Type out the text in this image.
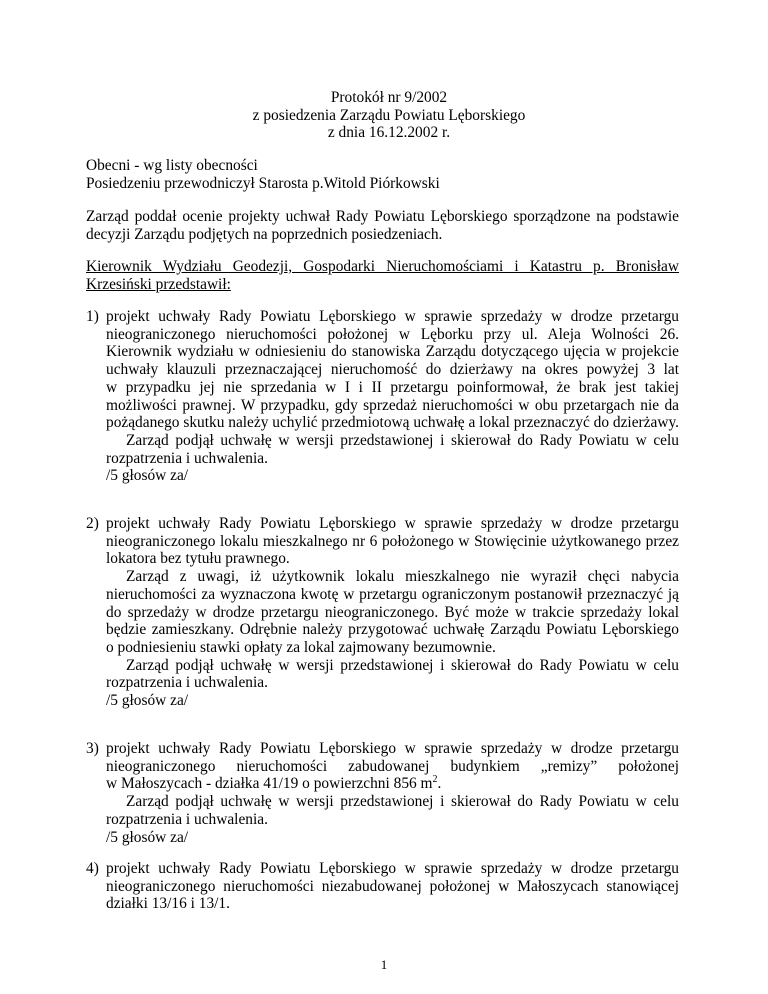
Protokół nr 9/2002
z posiedzenia Zarządu Powiatu Lęborskiego
z dnia 16.12.2002 r.
Obecni - wg listy obecności
Posiedzeniu przewodniczył Starosta p.Witold Piórkowski
Zarząd poddał ocenie projekty uchwał Rady Powiatu Lęborskiego sporządzone na podstawie
decyzji Zarządu podjętych na poprzednich posiedzeniach.
Kierownik Wydziału Geodezji, Gospodarki Nieruchomościami i Katastru p. Bronisław
Krzesiński przedstawił:
1) projekt uchwały Rady Powiatu Lęborskiego w sprawie sprzedaży w drodze przetargu
nieograniczonego nieruchomości położonej w Lęborku przy ul. Aleja Wolności 26.
Kierownik wydziału w odniesieniu do stanowiska Zarządu dotyczącego ujęcia w projekcie
uchwały klauzuli przeznaczającej nieruchomość do dzierżawy na okres powyżej 3 lat
w przypadku jej nie sprzedania w I i II przetargu poinformował, że brak jest takiej
możliwości prawnej. W przypadku, gdy sprzedaż nieruchomości w obu przetargach nie da
pożądanego skutku należy uchylić przedmiotową uchwałę a lokal przeznaczyć do dzierżawy.
Zarząd podjął uchwałę w wersji przedstawionej i skierował do Rady Powiatu w celu
rozpatrzenia i uchwalenia.
/5 głosów za/
2) projekt uchwały Rady Powiatu Lęborskiego w sprawie sprzedaży w drodze przetargu
nieograniczonego lokalu mieszkalnego nr 6 położonego w Stowięcinie użytkowanego przez
lokatora bez tytułu prawnego.
Zarząd z uwagi, iż użytkownik lokalu mieszkalnego nie wyraził chęci nabycia
nieruchomości za wyznaczona kwotę w przetargu ograniczonym postanowił przeznaczyć ją
do sprzedaży w drodze przetargu nieograniczonego. Być może w trakcie sprzedaży lokal
będzie zamieszkany. Odrębnie należy przygotować uchwałę Zarządu Powiatu Lęborskiego
o podniesieniu stawki opłaty za lokal zajmowany bezumownie.
Zarząd podjął uchwałę w wersji przedstawionej i skierował do Rady Powiatu w celu
rozpatrzenia i uchwalenia.
/5 głosów za/
3) projekt uchwały Rady Powiatu Lęborskiego w sprawie sprzedaży w drodze przetargu
nieograniczonego nieruchomości zabudowanej budynkiem „remizy” położonej
w Małoszycach - działka 41/19 o powierzchni 856 $m^2$.
Zarząd podjął uchwałę w wersji przedstawionej i skierował do Rady Powiatu w celu
rozpatrzenia i uchwalenia.
/5 głosów za/
4) projekt uchwały Rady Powiatu Lęborskiego w sprawie sprzedaży w drodze przetargu
nieograniczonego nieruchomości niezabudowanej położonej w Małoszycach stanowiącej
działki 13/16 i 13/1.
1
